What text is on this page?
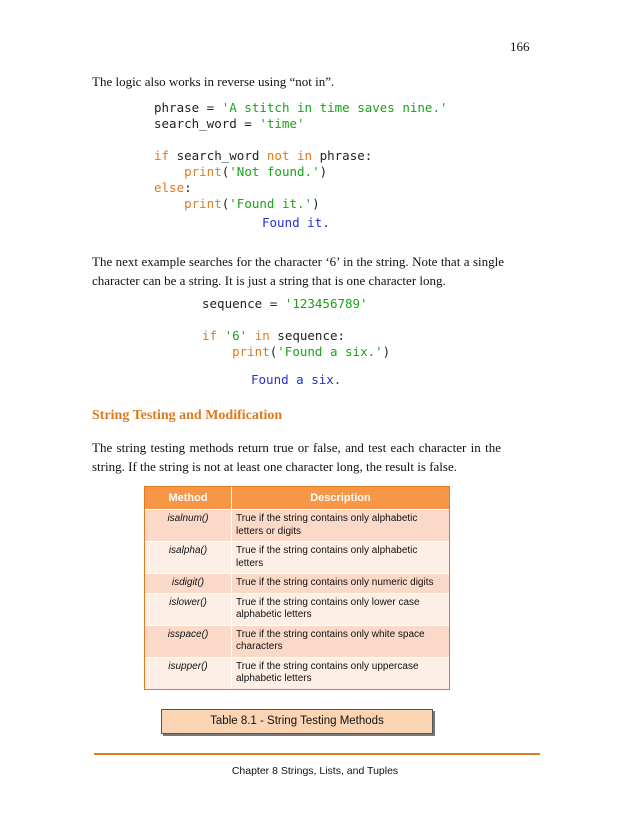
166
The logic also works in reverse using “not in”.
phrase = 'A stitch in time saves nine.'
search_word = 'time'

if search_word not in phrase:
print('Not found.')
else:
print('Found it.')
Found it.
The next example searches for the character ‘6’ in the string. Note that a single character can be a string. It is just a string that is one character long.
sequence = '123456789'

if '6' in sequence:
print('Found a six.')
Found a six.
String Testing and Modification
The string testing methods return true or false, and test each character in the string. If the string is not at least one character long, the result is false.
Method	Description
isalnum()	True if the string contains only alphabetic letters or digits
isalpha()	True if the string contains only alphabetic letters
isdigit()	True if the string contains only numeric digits
islower()	True if the string contains only lower case alphabetic letters
isspace()	True if the string contains only white space characters
isupper()	True if the string contains only uppercase alphabetic letters
Table 8.1 - String Testing Methods
Chapter 8 Strings, Lists, and Tuples
